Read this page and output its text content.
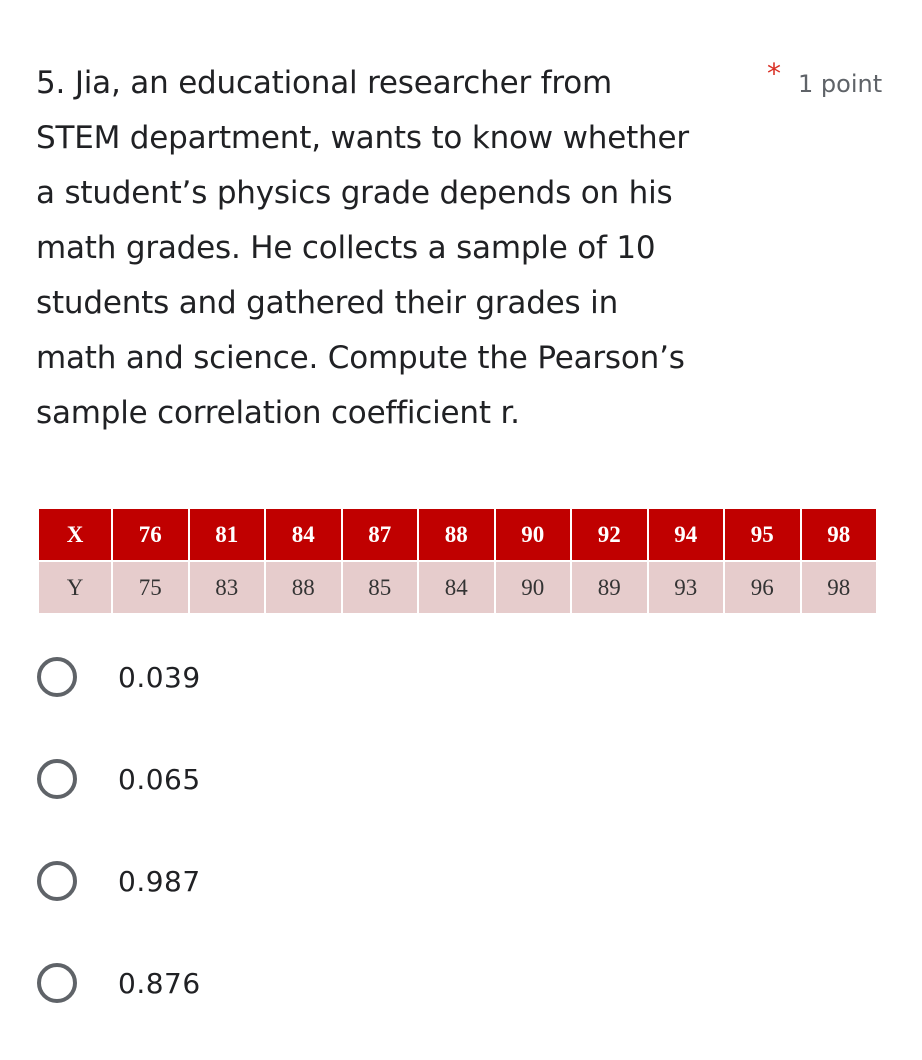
5. Jia, an educational researcher from
STEM department, wants to know whether
a student’s physics grade depends on his
math grades. He collects a sample of 10
students and gathered their grades in
math and science. Compute the Pearson’s
sample correlation coefficient r.
* 1 point
X	76	81	84	87	88	90	92	94	95	98
Y	75	83	88	85	84	90	89	93	96	98
0.039
0.065
0.987
0.876
